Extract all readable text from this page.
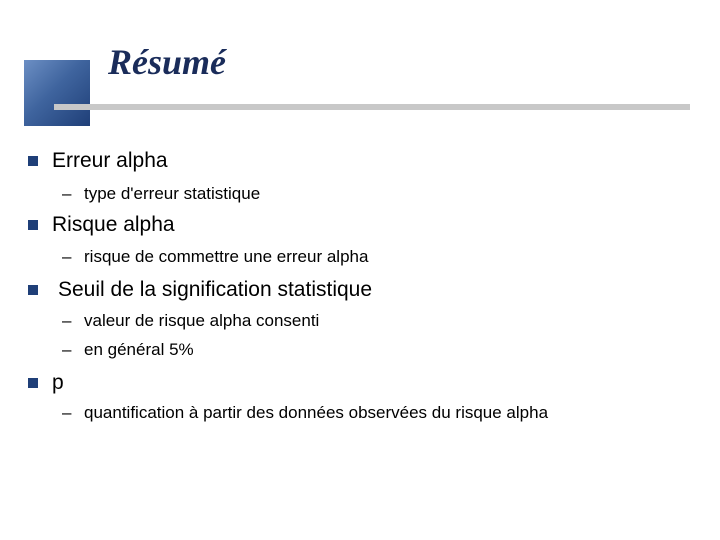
Résumé
Erreur alpha
– type d'erreur statistique
Risque alpha
– risque de commettre une erreur alpha
Seuil de la signification statistique
– valeur de risque alpha consenti
– en général 5%
p
– quantification à partir des données observées du risque alpha
